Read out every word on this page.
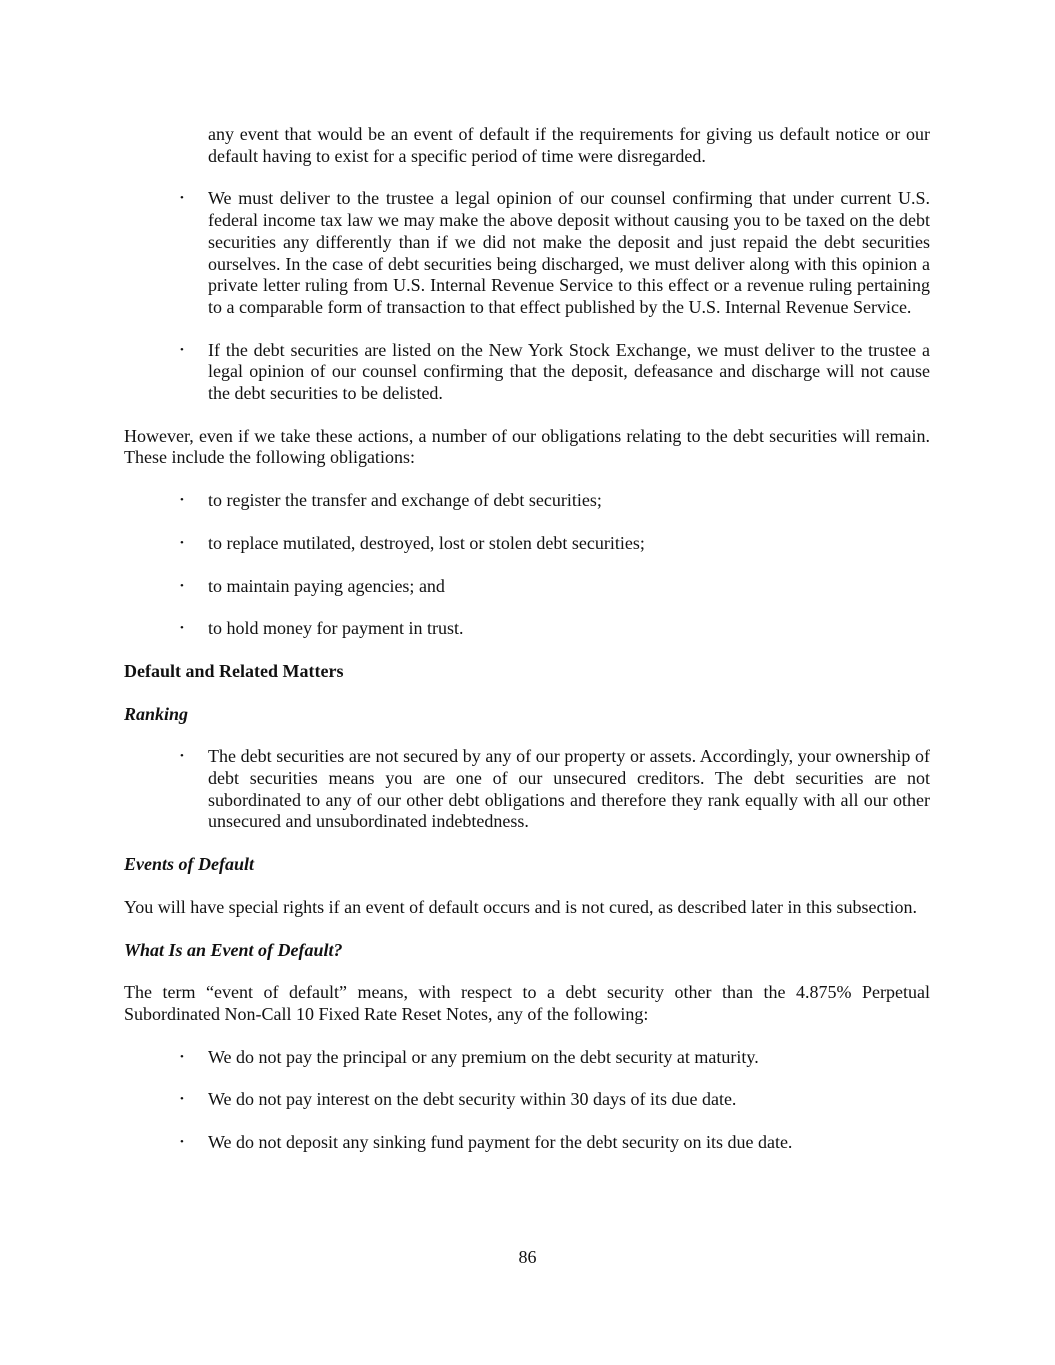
any event that would be an event of default if the requirements for giving us default notice or our default having to exist for a specific period of time were disregarded.

• We must deliver to the trustee a legal opinion of our counsel confirming that under current U.S. federal income tax law we may make the above deposit without causing you to be taxed on the debt securities any differently than if we did not make the deposit and just repaid the debt securities ourselves. In the case of debt securities being discharged, we must deliver along with this opinion a private letter ruling from U.S. Internal Revenue Service to this effect or a revenue ruling pertaining to a comparable form of transaction to that effect published by the U.S. Internal Revenue Service.
• If the debt securities are listed on the New York Stock Exchange, we must deliver to the trustee a legal opinion of our counsel confirming that the deposit, defeasance and discharge will not cause the debt securities to be delisted.

However, even if we take these actions, a number of our obligations relating to the debt securities will remain. These include the following obligations:

• to register the transfer and exchange of debt securities;
• to replace mutilated, destroyed, lost or stolen debt securities;
• to maintain paying agencies; and
• to hold money for payment in trust.

Default and Related Matters

Ranking

• The debt securities are not secured by any of our property or assets. Accordingly, your ownership of debt securities means you are one of our unsecured creditors. The debt securities are not subordinated to any of our other debt obligations and therefore they rank equally with all our other unsecured and unsubordinated indebtedness.

Events of Default

You will have special rights if an event of default occurs and is not cured, as described later in this subsection.

What Is an Event of Default?

The term “event of default” means, with respect to a debt security other than the 4.875% Perpetual Subordinated Non-Call 10 Fixed Rate Reset Notes, any of the following:

• We do not pay the principal or any premium on the debt security at maturity.
• We do not pay interest on the debt security within 30 days of its due date.
• We do not deposit any sinking fund payment for the debt security on its due date.
86
